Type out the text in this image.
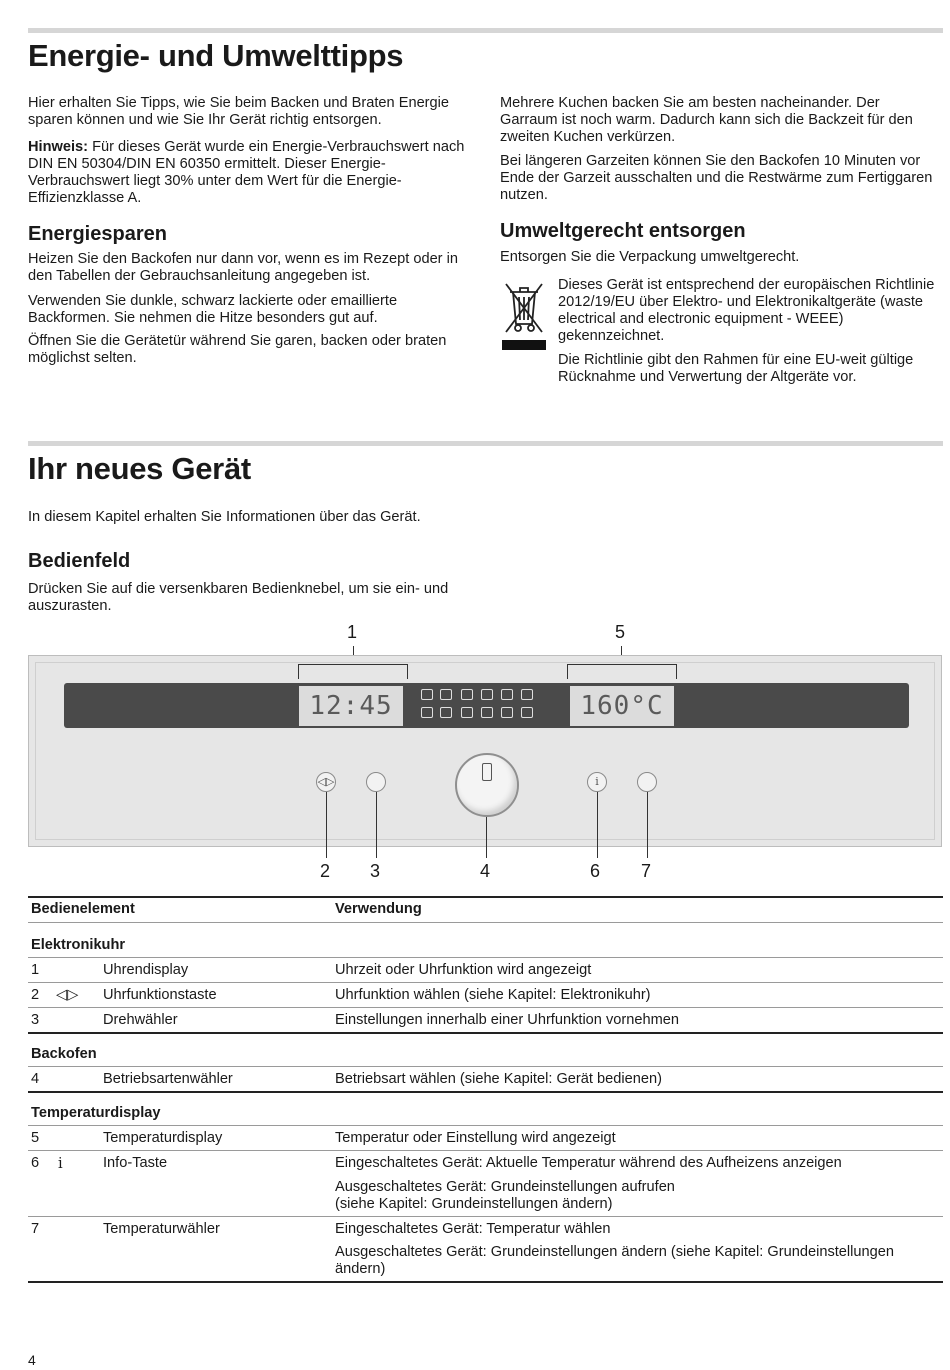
Energie- und Umwelttipps

Hier erhalten Sie Tipps, wie Sie beim Backen und Braten Energie sparen können und wie Sie Ihr Gerät richtig entsorgen.

Hinweis: Für dieses Gerät wurde ein Energie-Verbrauchswert nach DIN EN 50304/DIN EN 60350 ermittelt. Dieser Energie-Verbrauchswert liegt 30% unter dem Wert für die Energie-Effizienzklasse A.

Energiesparen

Heizen Sie den Backofen nur dann vor, wenn es im Rezept oder in den Tabellen der Gebrauchsanleitung angegeben ist.

Verwenden Sie dunkle, schwarz lackierte oder emaillierte Backformen. Sie nehmen die Hitze besonders gut auf.

Öffnen Sie die Gerätetür während Sie garen, backen oder braten möglichst selten.

Mehrere Kuchen backen Sie am besten nacheinander. Der Garraum ist noch warm. Dadurch kann sich die Backzeit für den zweiten Kuchen verkürzen.

Bei längeren Garzeiten können Sie den Backofen 10 Minuten vor Ende der Garzeit ausschalten und die Restwärme zum Fertiggaren nutzen.

Umweltgerecht entsorgen

Entsorgen Sie die Verpackung umweltgerecht.

Dieses Gerät ist entsprechend der europäischen Richtlinie 2012/19/EU über Elektro- und Elektronikaltgeräte (waste electrical and electronic equipment - WEEE) gekennzeichnet.

Die Richtlinie gibt den Rahmen für eine EU-weit gültige Rücknahme und Verwertung der Altgeräte vor.

Ihr neues Gerät

In diesem Kapitel erhalten Sie Informationen über das Gerät.

Bedienfeld

Drücken Sie auf die versenkbaren Bedienknebel, um sie ein- und auszurasten.

1	5
12:45	160°C
◁▷	i
2 3	4	6 7

Bedienelement	Verwendung

Elektronikuhr

1	Uhrendisplay	Uhrzeit oder Uhrfunktion wird angezeigt

2 ◁▷ Uhrfunktionstaste	Uhrfunktion wählen (siehe Kapitel: Elektronikuhr)

3	Drehwähler	Einstellungen innerhalb einer Uhrfunktion vornehmen

Backofen

4	Betriebsartenwähler	Betriebsart wählen (siehe Kapitel: Gerät bedienen)

Temperaturdisplay

5	Temperaturdisplay	Temperatur oder Einstellung wird angezeigt

6 i	Info-Taste	Eingeschaltetes Gerät: Aktuelle Temperatur während des Aufheizens anzeigen

Ausgeschaltetes Gerät: Grundeinstellungen aufrufen

(siehe Kapitel: Grundeinstellungen ändern)

7	Temperaturwähler	Eingeschaltetes Gerät: Temperatur wählen

Ausgeschaltetes Gerät: Grundeinstellungen ändern (siehe Kapitel: Grundeinstellungen

ändern)

4
